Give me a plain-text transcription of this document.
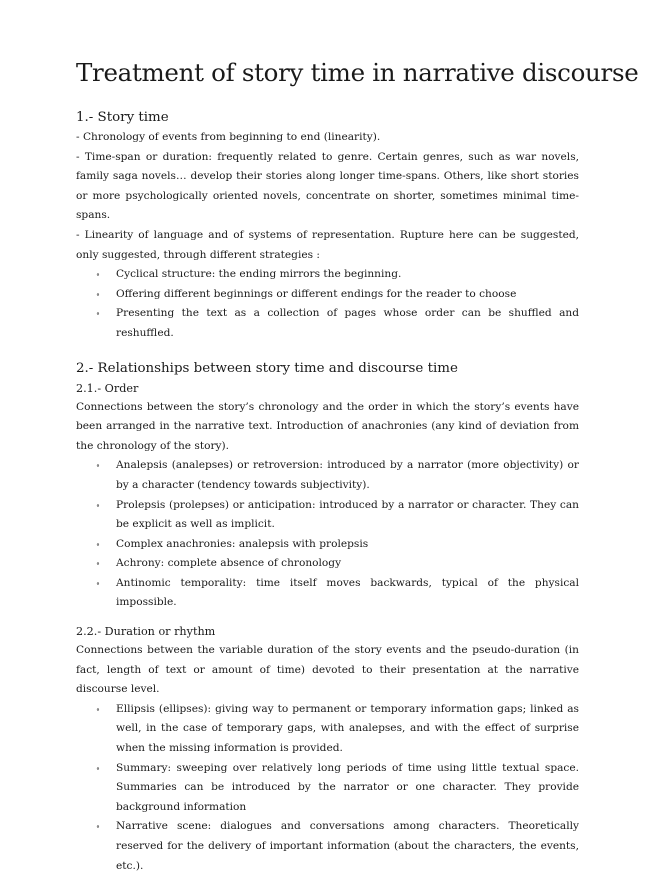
Treatment of story time in narrative discourse
1.- Story time

- Chronology of events from beginning to end (linearity).

- Time-span or duration: frequently related to genre. Certain genres, such as war novels, family saga novels… develop their stories along longer time-spans. Others, like short stories or more psychologically oriented novels, concentrate on shorter, sometimes minimal time-spans.

- Linearity of language and of systems of representation. Rupture here can be suggested, only suggested, through different strategies :

∘ Cyclical structure: the ending mirrors the beginning.
∘ Offering different beginnings or different endings for the reader to choose
∘ Presenting the text as a collection of pages whose order can be shuffled and reshuffled.
2.- Relationships between story time and discourse time
2.1.- Order

Connections between the story’s chronology and the order in which the story’s events have been arranged in the narrative text. Introduction of anachronies (any kind of deviation from the chronology of the story).

∘ Analepsis (analepses) or retroversion: introduced by a narrator (more objectivity) or by a character (tendency towards subjectivity).
∘ Prolepsis (prolepses) or anticipation: introduced by a narrator or character. They can be explicit as well as implicit.
∘ Complex anachronies: analepsis with prolepsis
∘ Achrony: complete absence of chronology
∘ Antinomic temporality: time itself moves backwards, typical of the physical impossible.
2.2.- Duration or rhythm

Connections between the variable duration of the story events and the pseudo-duration (in fact, length of text or amount of time) devoted to their presentation at the narrative discourse level.

∘ Ellipsis (ellipses): giving way to permanent or temporary information gaps; linked as well, in the case of temporary gaps, with analepses, and with the effect of surprise when the missing information is provided.
∘ Summary: sweeping over relatively long periods of time using little textual space. Summaries can be introduced by the narrator or one character. They provide background information
∘ Narrative scene: dialogues and conversations among characters. Theoretically reserved for the delivery of important information (about the characters, the events, etc.).
